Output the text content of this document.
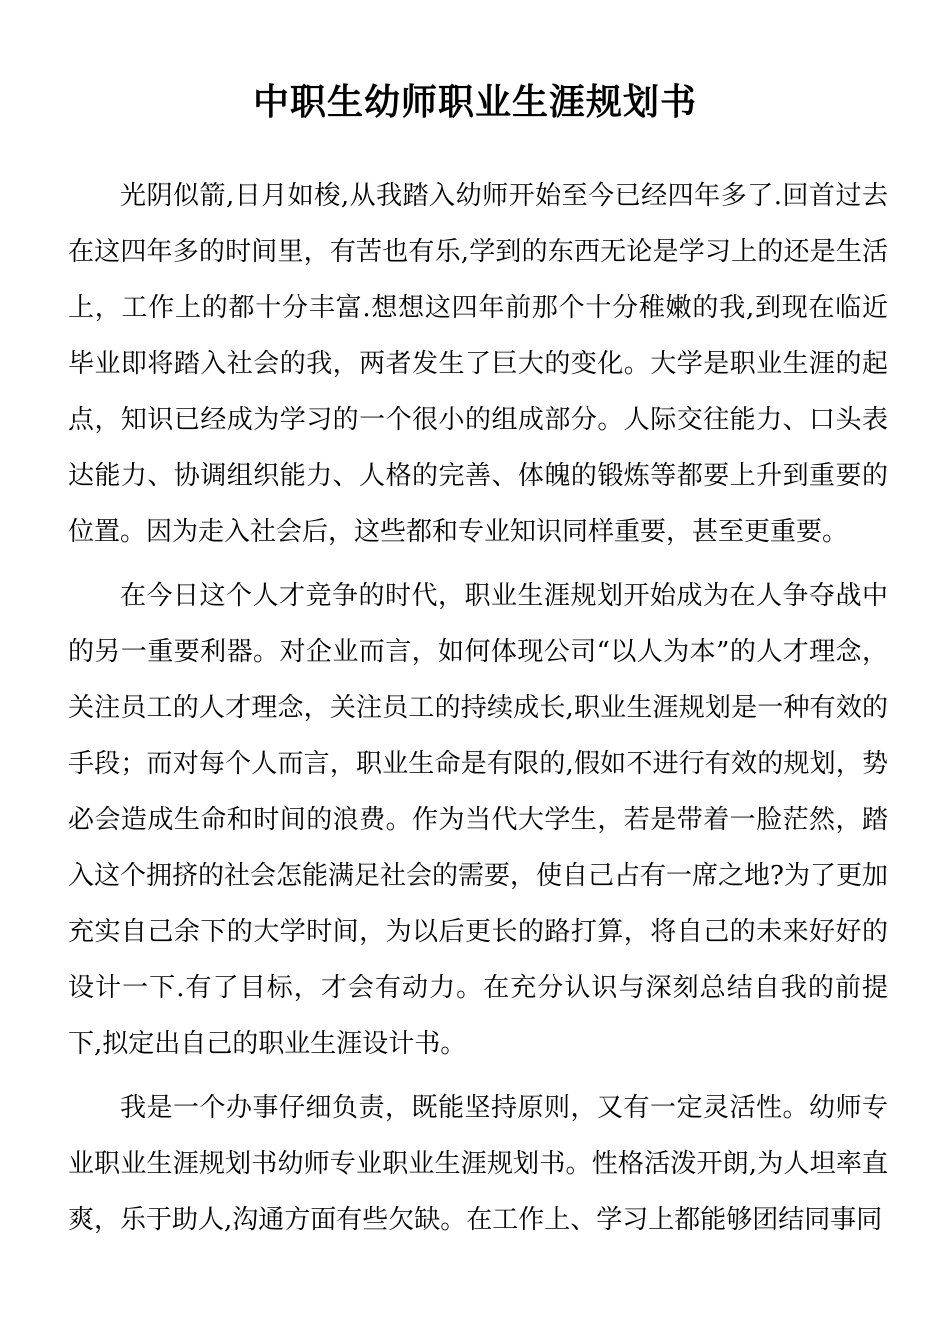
中职生幼师职业生涯规划书

光阴似箭,日月如梭,从我踏入幼师开始至今已经四年多了.回首过去在这四年多的时间里，有苦也有乐,学到的东西无论是学习上的还是生活上，工作上的都十分丰富.想想这四年前那个十分稚嫩的我,到现在临近毕业即将踏入社会的我，两者发生了巨大的变化。大学是职业生涯的起点，知识已经成为学习的一个很小的组成部分。人际交往能力、口头表达能力、协调组织能力、人格的完善、体魄的锻炼等都要上升到重要的位置。因为走入社会后，这些都和专业知识同样重要，甚至更重要。

在今日这个人才竞争的时代，职业生涯规划开始成为在人争夺战中的另一重要利器。对企业而言，如何体现公司“以人为本”的人才理念，关注员工的人才理念，关注员工的持续成长,职业生涯规划是一种有效的手段；而对每个人而言，职业生命是有限的,假如不进行有效的规划，势必会造成生命和时间的浪费。作为当代大学生，若是带着一脸茫然，踏入这个拥挤的社会怎能满足社会的需要，使自己占有一席之地?为了更加充实自己余下的大学时间，为以后更长的路打算，将自己的未来好好的设计一下.有了目标，才会有动力。在充分认识与深刻总结自我的前提下,拟定出自己的职业生涯设计书。

我是一个办事仔细负责，既能坚持原则，又有一定灵活性。幼师专业职业生涯规划书幼师专业职业生涯规划书。性格活泼开朗,为人坦率直爽，乐于助人,沟通方面有些欠缺。在工作上、学习上都能够团结同事同
